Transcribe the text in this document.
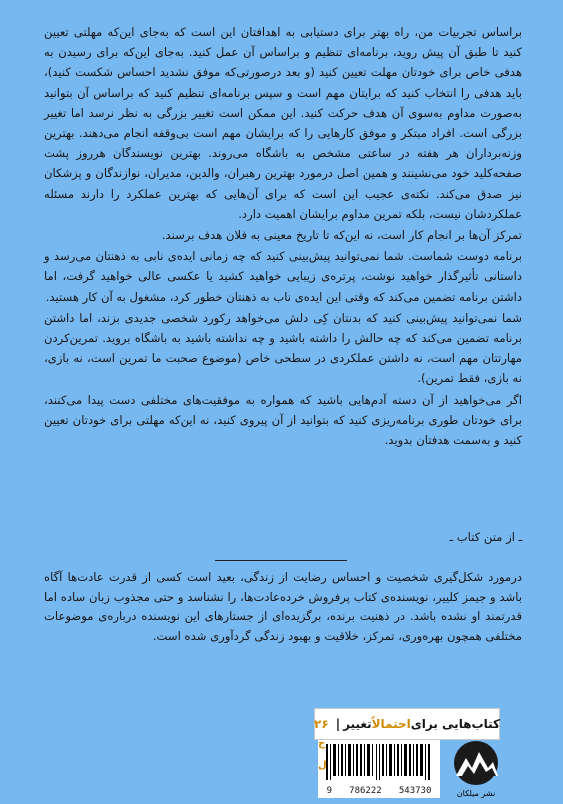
براساس تجربیات من، راه بهتر برای دستیابی به اهدافتان این است که به‌جای این‌که مهلتی تعیین کنید تا طبق آن پیش روید، برنامه‌ای تنظیم و براساس آن عمل کنید. به‌جای این‌که برای رسیدن به هدفی خاص برای خودتان مهلت تعیین کنید (و بعد درصورتی‌که موفق نشدید احساس شکست کنید)، باید هدفی را انتخاب کنید که برایتان مهم است و سپس برنامه‌ای تنظیم کنید که براساس آن بتوانید به‌صورت مداوم به‌سوی آن هدف حرکت کنید. این ممکن است تغییر بزرگی به نظر نرسد اما تغییر بزرگی است. افراد مبتکر و موفق کارهایی را که برایشان مهم است بی‌وقفه انجام می‌دهند. بهترین وزنه‌برداران هر هفته در ساعتی مشخص به باشگاه می‌روند. بهترین نویسندگان هرروز پشت صفحه‌کلید خود می‌نشینند و همین اصل درمورد بهترین رهبران، والدین، مدیران، نوازندگان و پزشکان نیز صدق می‌کند. نکته‌ی عجیب این است که برای آن‌هایی که بهترین عملکرد را دارند مسئله عملکردشان نیست، بلکه تمرین مداوم برایشان اهمیت دارد.

تمرکز آن‌ها بر انجام کار است، نه این‌که تا تاریخ معینی به فلان هدف برسند.

برنامه دوست شماست. شما نمی‌توانید پیش‌بینی کنید که چه زمانی ایده‌ی نابی به ذهنتان می‌رسد و داستانی تأثیرگذار خواهید نوشت، پرتره‌ی زیبایی خواهید کشید یا عکسی عالی خواهید گرفت، اما داشتن برنامه تضمین می‌کند که وقتی این ایده‌ی ناب به ذهنتان خطور کرد، مشغول به آن کار هستید.

شما نمی‌توانید پیش‌بینی کنید که بدنتان کِی دلش می‌خواهد رکورد شخصی جدیدی بزند، اما داشتن برنامه تضمین می‌کند که چه حالش را داشته باشید و چه نداشته باشید به باشگاه بروید. تمرین‌کردن مهارتتان مهم است، نه داشتن عملکردی در سطحی خاص (موضوع صحبت ما تمرین است، نه بازی، نه بازی، فقط تمرین).

اگر می‌خواهید از آن دسته آدم‌هایی باشید که همواره به موفقیت‌های مختلفی دست پیدا می‌کنند، برای خودتان طوری برنامه‌ریزی کنید که بتوانید از آن پیروی کنید، نه این‌که مهلتی برای خودتان تعیین کنید و به‌سمت هدفتان بدوید.

ـ از متن کتاب ـ
درمورد شکل‌گیری شخصیت و احساس رضایت از زندگی، بعید است کسی از قدرت عادت‌ها آگاه باشد و جیمز کلییر، نویسنده‌ی کتاب پرفروش خرده‌عادت‌ها، را نشناسد و حتی مجذوب زبان ساده اما قدرتمند او نشده باشد. در ذهنیت برنده، برگزیده‌ای از جستارهای این نویسنده درباره‌ی موضوعات مختلفی همچون بهره‌وری، تمرکز، خلاقیت و بهبود زندگی گردآوری شده است.
کتاب‌هایی برای
احتمالاً
تغییر
|
۲۶
9 786222 543730
ج
ل
نشر میلکان
